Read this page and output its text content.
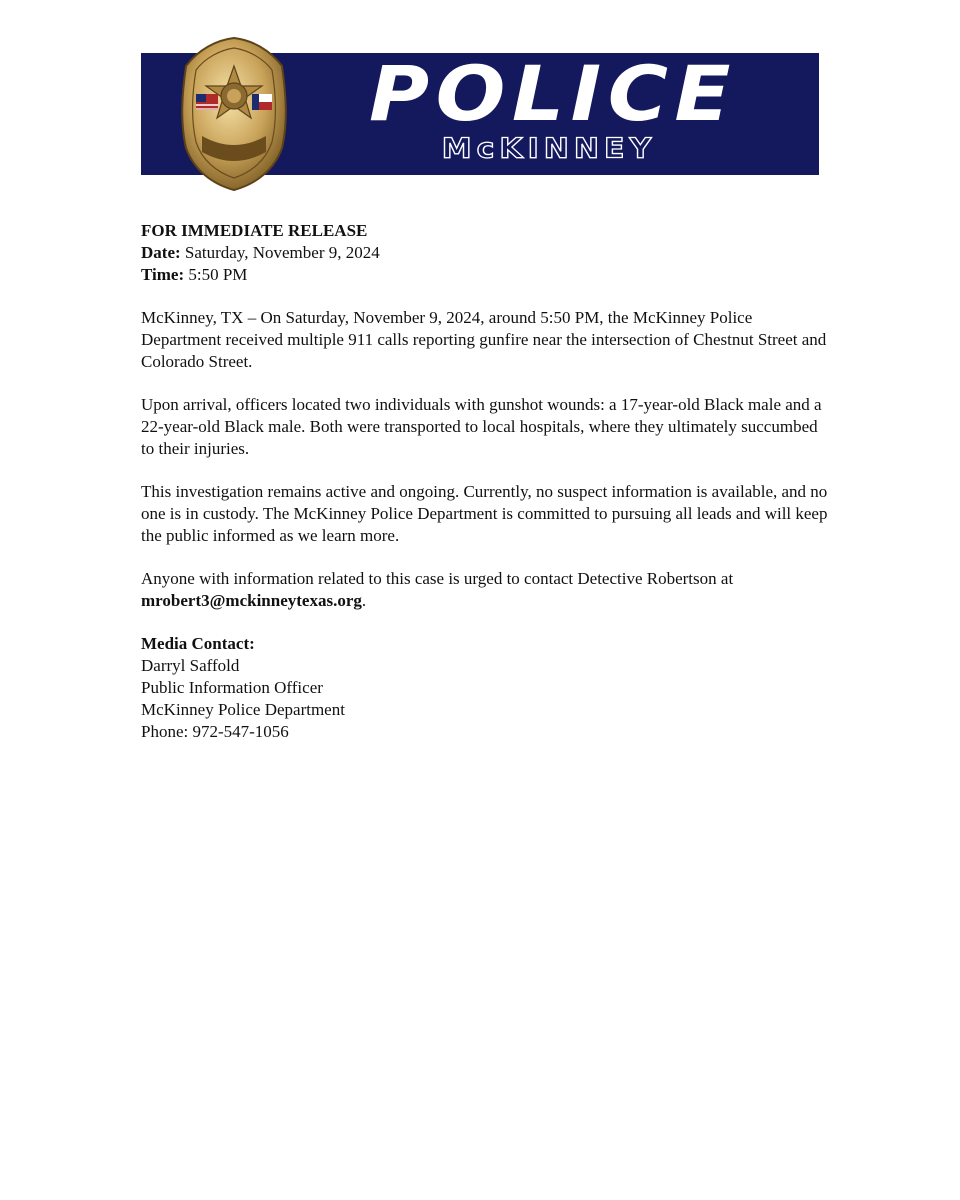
POLICE
McKINNEY

FOR IMMEDIATE RELEASE

Date: Saturday, November 9, 2024

Time: 5:50 PM

McKinney, TX – On Saturday, November 9, 2024, around 5:50 PM, the McKinney Police Department received multiple 911 calls reporting gunfire near the intersection of Chestnut Street and Colorado Street.

Upon arrival, officers located two individuals with gunshot wounds: a 17-year-old Black male and a 22-year-old Black male. Both were transported to local hospitals, where they ultimately succumbed to their injuries.

This investigation remains active and ongoing. Currently, no suspect information is available, and no one is in custody. The McKinney Police Department is committed to pursuing all leads and will keep the public informed as we learn more.

Anyone with information related to this case is urged to contact Detective Robertson at mrobert3@mckinneytexas.org.

Media Contact:

Darryl Saffold

Public Information Officer

McKinney Police Department

Phone: 972-547-1056
